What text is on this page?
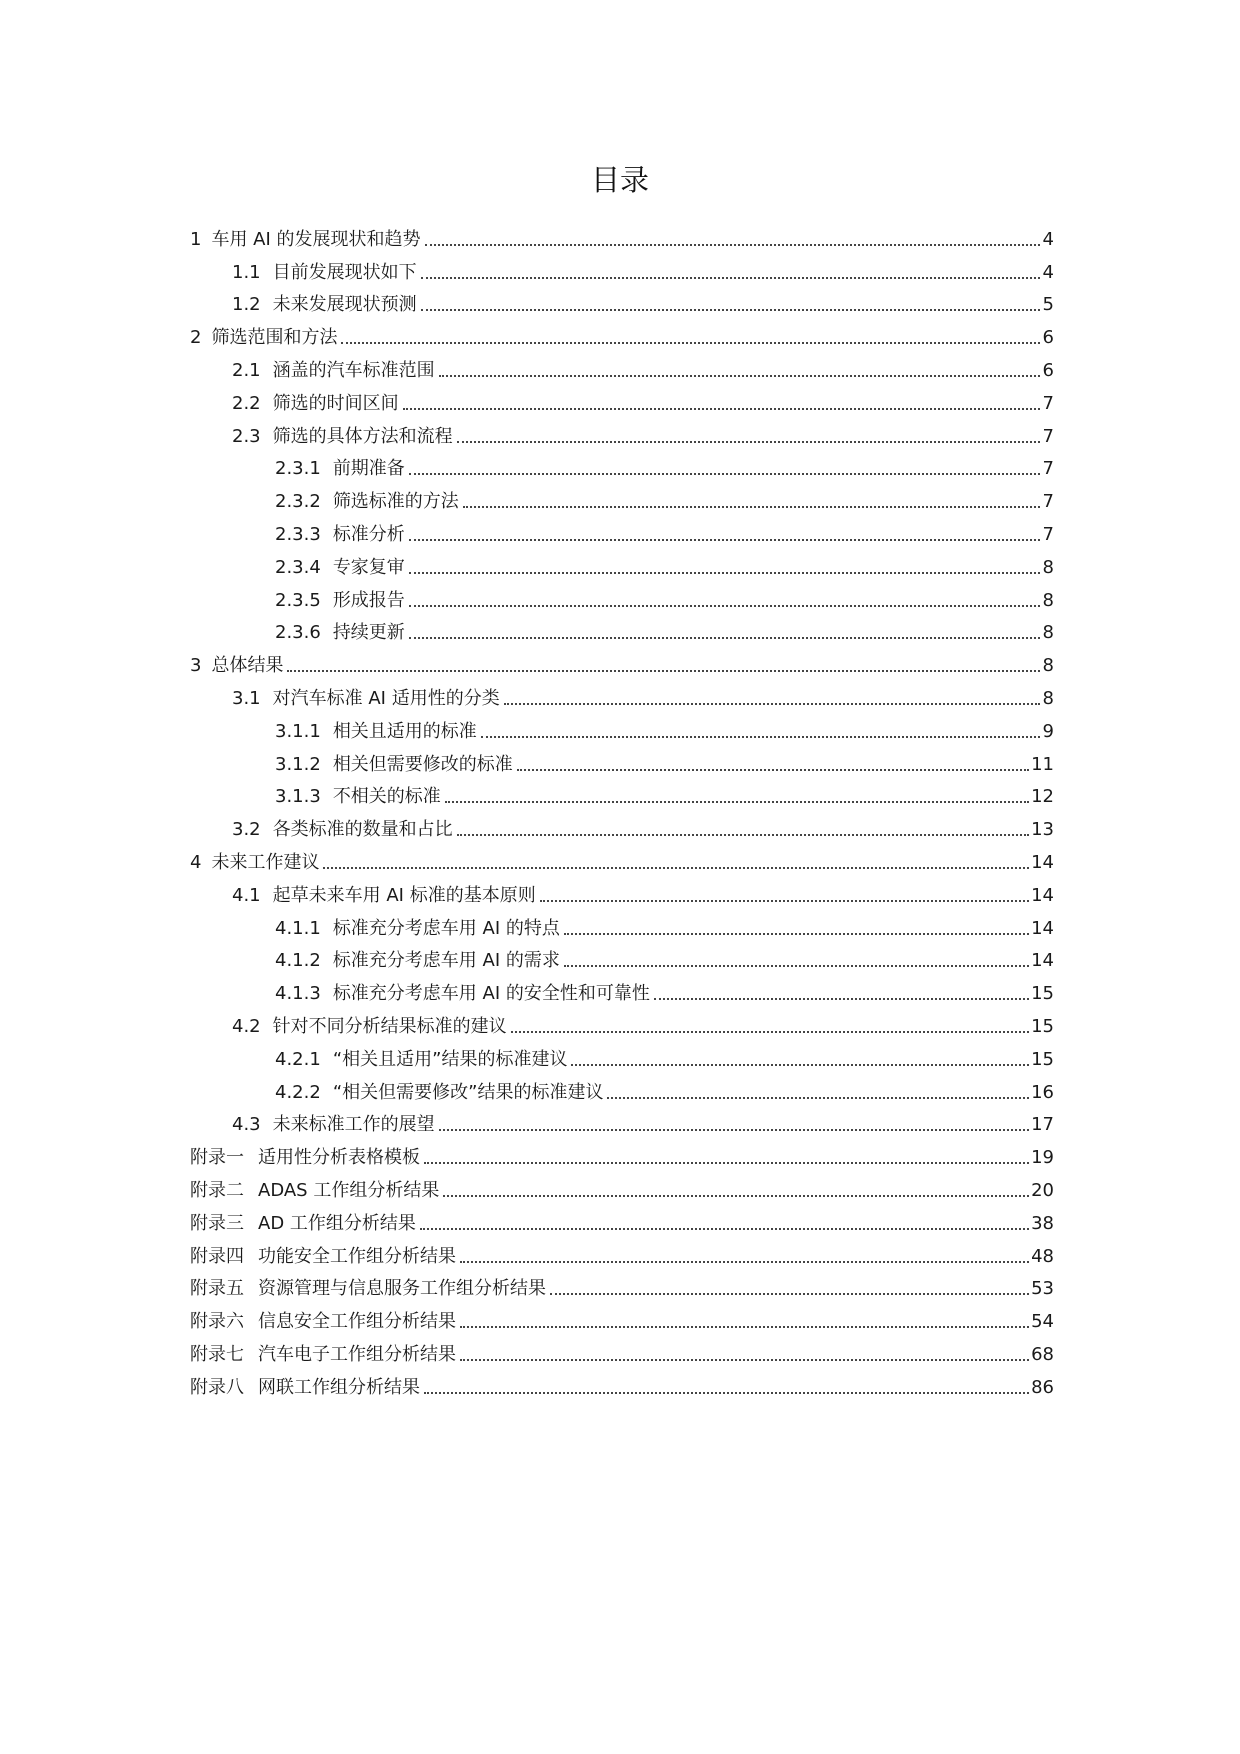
目录
1 车用 AI 的发展现状和趋势	4
1.1 目前发展现状如下	4
1.2 未来发展现状预测	5
2 筛选范围和方法	6
2.1 涵盖的汽车标准范围	6
2.2 筛选的时间区间	7
2.3 筛选的具体方法和流程	7
2.3.1 前期准备	7
2.3.2 筛选标准的方法	7
2.3.3 标准分析	7
2.3.4 专家复审	8
2.3.5 形成报告	8
2.3.6 持续更新	8
3 总体结果	8
3.1 对汽车标准 AI 适用性的分类	8
3.1.1 相关且适用的标准	9
3.1.2 相关但需要修改的标准	11
3.1.3 不相关的标准	12
3.2 各类标准的数量和占比	13
4 未来工作建议	14
4.1 起草未来车用 AI 标准的基本原则	14
4.1.1 标准充分考虑车用 AI 的特点	14
4.1.2 标准充分考虑车用 AI 的需求	14
4.1.3 标准充分考虑车用 AI 的安全性和可靠性	15
4.2 针对不同分析结果标准的建议	15
4.2.1 “相关且适用”结果的标准建议	15
4.2.2 “相关但需要修改”结果的标准建议	16
4.3 未来标准工作的展望	17
附录一 适用性分析表格模板	19
附录二 ADAS 工作组分析结果	20
附录三 AD 工作组分析结果	38
附录四 功能安全工作组分析结果	48
附录五 资源管理与信息服务工作组分析结果	53
附录六 信息安全工作组分析结果	54
附录七 汽车电子工作组分析结果	68
附录八 网联工作组分析结果	86
